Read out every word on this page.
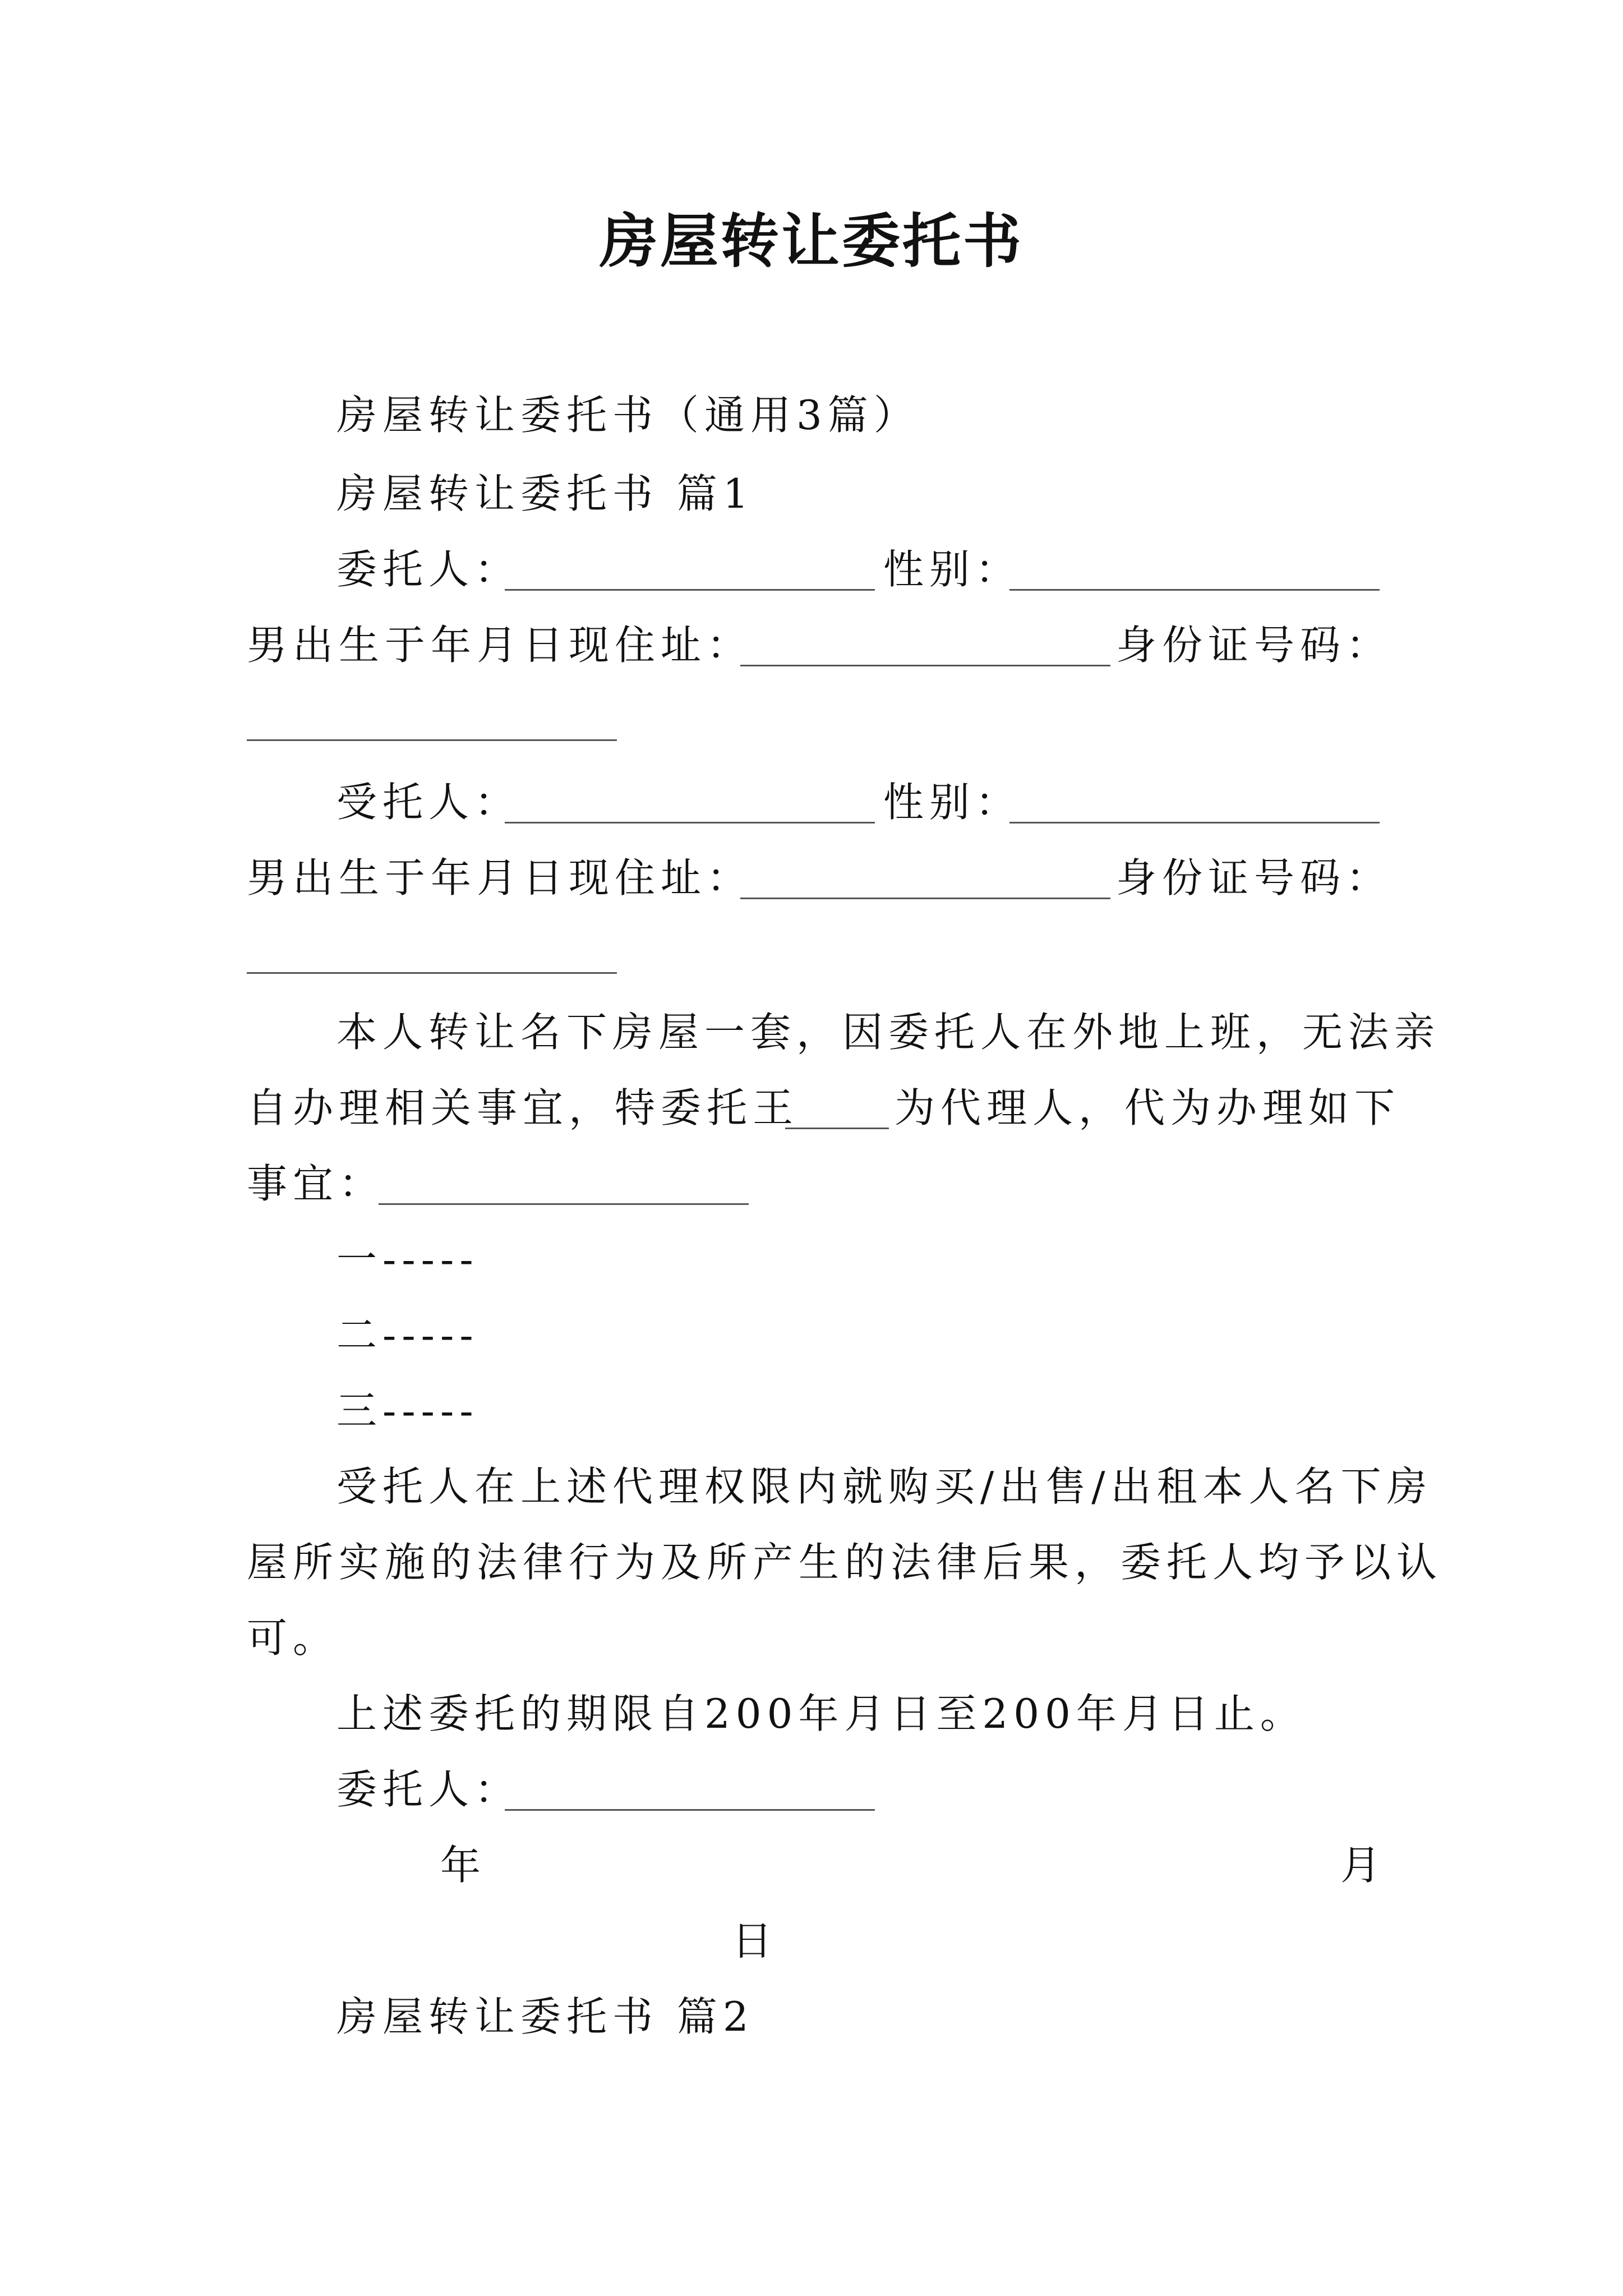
房屋转让委托书
房屋转让委托书（通用3篇）
房屋转让委托书 篇1
委托人：	性别：
男出生于年月日现住址：	身份证号码：
受托人：	性别：
男出生于年月日现住址：	身份证号码：
本人转让名下房屋一套，因委托人在外地上班，无法亲
自办理相关事宜，特委托王 为代理人，代为办理如下
事宜：
一-----
二-----
三-----
受托人在上述代理权限内就购买/出售/出租本人名下房
屋所实施的法律行为及所产生的法律后果，委托人均予以认
可。
上述委托的期限自200年月日至200年月日止。
委托人：
年	月
日
房屋转让委托书 篇2
